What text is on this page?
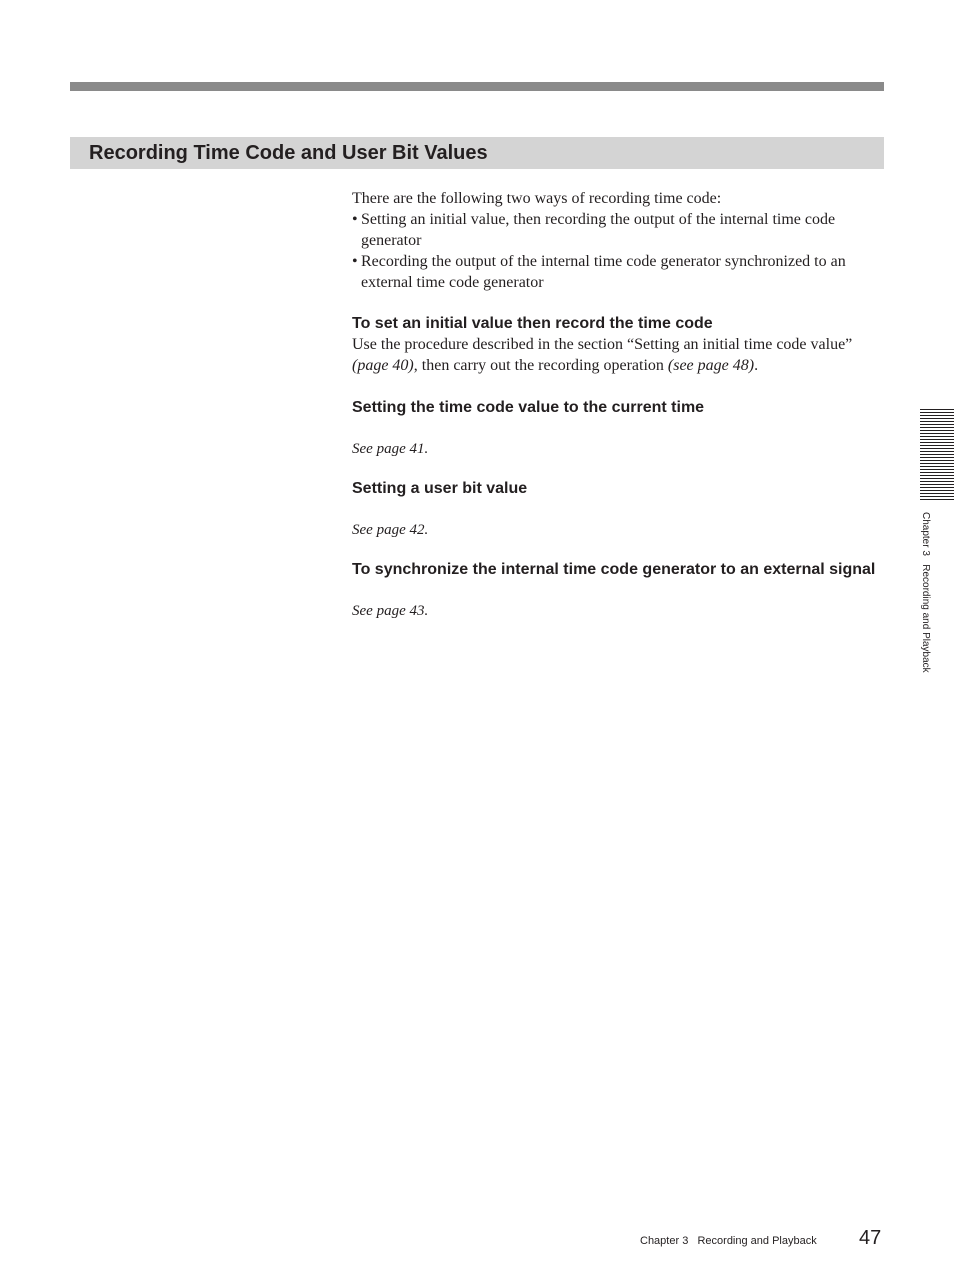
Recording Time Code and User Bit Values

There are the following two ways of recording time code:

• Setting an initial value, then recording the output of the internal time code generator
• Recording the output of the internal time code generator synchronized to an external time code generator
To set an initial value then record the time code

Use the procedure described in the section “Setting an initial time code value” (page 40), then carry out the recording operation (see page 48).

Setting the time code value to the current time

See page 41.

Setting a user bit value

See page 42.

To synchronize the internal time code generator to an external signal

See page 43.	Chapter 3   Recording and Playback
Chapter 3   Recording and Playback 47
